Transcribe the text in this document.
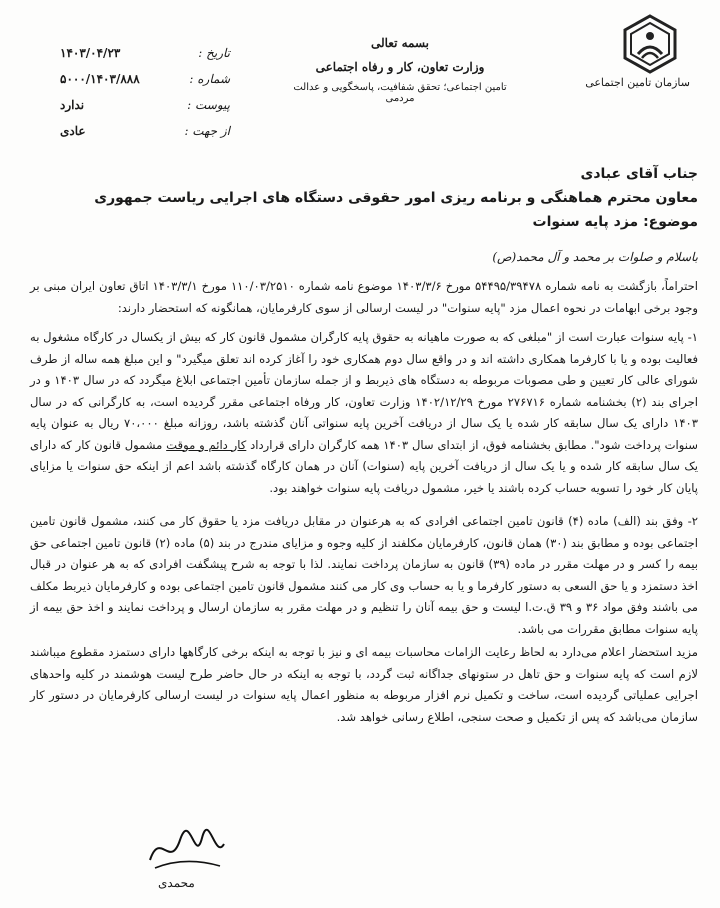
سازمان تامین اجتماعی
بسمه تعالی
وزارت تعاون، کار و رفاه اجتماعی
تامین اجتماعی؛ تحقق شفافیت، پاسخگویی و عدالت مردمی
تاریخ :
۱۴۰۳/۰۴/۲۳
شماره :
۵۰۰۰/۱۴۰۳/۸۸۸
پیوست :
ندارد
از جهت :
عادی
جناب آقای عبادی
معاون محترم هماهنگی و برنامه ریزی امور حقوقی دستگاه های اجرایی ریاست جمهوری
موضوع: مزد پایه سنوات
باسلام و صلوات بر محمد و آل محمد(ص)

احتراماً، بازگشت به نامه شماره ۵۴۴۹۵/۳۹۴۷۸ مورخ ۱۴۰۳/۳/۶ موضوع نامه شماره ۱۱۰/۰۳/۲۵۱۰ مورخ ۱۴۰۳/۳/۱ اتاق تعاون ایران مبنی بر وجود برخی ابهامات در نحوه اعمال مزد "پایه سنوات" در لیست ارسالی از سوی کارفرمایان، همانگونه که استحضار دارند:

۱- پایه سنوات عبارت است از "مبلغی که به صورت ماهیانه به حقوق پایه کارگران مشمول قانون کار که بیش از یکسال در کارگاه مشغول به فعالیت بوده و یا با کارفرما همکاری داشته اند و در واقع سال دوم همکاری خود را آغاز کرده اند تعلق میگیرد" و این مبلغ همه ساله از طرف شورای عالی کار تعیین و طی مصوبات مربوطه به دستگاه های ذیربط و از جمله سازمان تأمین اجتماعی ابلاغ میگردد که در سال ۱۴۰۳ و در اجرای بند (۲) بخشنامه شماره ۲۷۶۷۱۶ مورخ ۱۴۰۲/۱۲/۲۹ وزارت تعاون، کار ورفاه اجتماعی مقرر گردیده است، به کارگرانی که در سال ۱۴۰۳ دارای یک سال سابقه کار شده یا یک سال از دریافت آخرین پایه سنواتی آنان گذشته باشد، روزانه مبلغ ۷۰،۰۰۰ ریال به عنوان پایه سنوات پرداخت شود". مطابق بخشنامه فوق، از ابتدای سال ۱۴۰۳ همه کارگران دارای قرارداد کار دائم و موقت مشمول قانون کار که دارای یک سال سابقه کار شده و یا یک سال از دریافت آخرین پایه (سنوات) آنان در همان کارگاه گذشته باشد اعم از اینکه حق سنوات یا مزایای پایان کار خود را تسویه حساب کرده باشند یا خیر، مشمول دریافت پایه سنوات خواهند بود.

۲- وفق بند (الف) ماده (۴) قانون تامین اجتماعی افرادی که به هرعنوان در مقابل دریافت مزد یا حقوق کار می کنند، مشمول قانون تامین اجتماعی بوده و مطابق بند (۳۰) همان قانون، کارفرمایان مکلفند از کلیه وجوه و مزایای مندرج در بند (۵) ماده (۲) قانون تامین اجتماعی حق بیمه را کسر و در مهلت مقرر در ماده (۳۹) قانون به سازمان پرداخت نمایند. لذا با توجه به شرح پیشگفت افرادی که به هر عنوان در قبال اخذ دستمزد و یا حق السعی به دستور کارفرما و یا به حساب وی کار می کنند مشمول قانون تامین اجتماعی بوده و کارفرمایان ذیربط مکلف می باشند وفق مواد ۳۶ و ۳۹ ق.ت.ا لیست و حق بیمه آنان را تنظیم و در مهلت مقرر به سازمان ارسال و پرداخت نمایند و اخذ حق بیمه از پایه سنوات مطابق مقررات می باشد.

مزید استحضار اعلام می‌دارد به لحاظ رعایت الزامات محاسبات بیمه ای و نیز با توجه به اینکه برخی کارگاهها دارای دستمزد مقطوع میباشند لازم است که پایه سنوات و حق تاهل در ستونهای جداگانه ثبت گردد، با توجه به اینکه در حال حاضر طرح لیست هوشمند در کلیه واحدهای اجرایی عملیاتی گردیده است، ساخت و تکمیل نرم افزار مربوطه به منظور اعمال پایه سنوات در لیست ارسالی کارفرمایان در دستور کار سازمان می‌باشد که پس از تکمیل و صحت سنجی، اطلاع رسانی خواهد شد.

محمدی
